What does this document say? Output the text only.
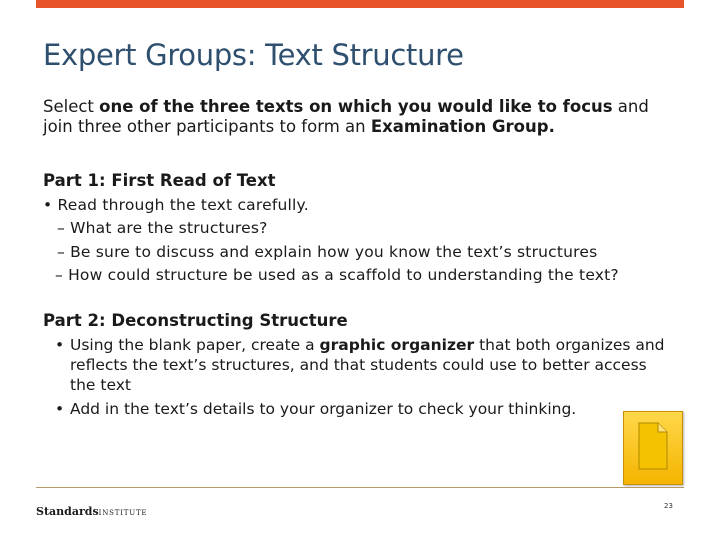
Expert Groups: Text Structure
Select one of the three texts on which you would like to focus and join three other participants to form an Examination Group.
Part 1: First Read of Text
• Read through the text carefully.
– What are the structures?
– Be sure to discuss and explain how you know the text’s structures
– How could structure be used as a scaffold to understanding the text?
Part 2: Deconstructing Structure
• Using the blank paper, create a graphic organizer that both organizes and reflects the text’s structures, and that students could use to better access the text
• Add in the text’s details to your organizer to check your thinking.
StandardsINSTITUTE
23
